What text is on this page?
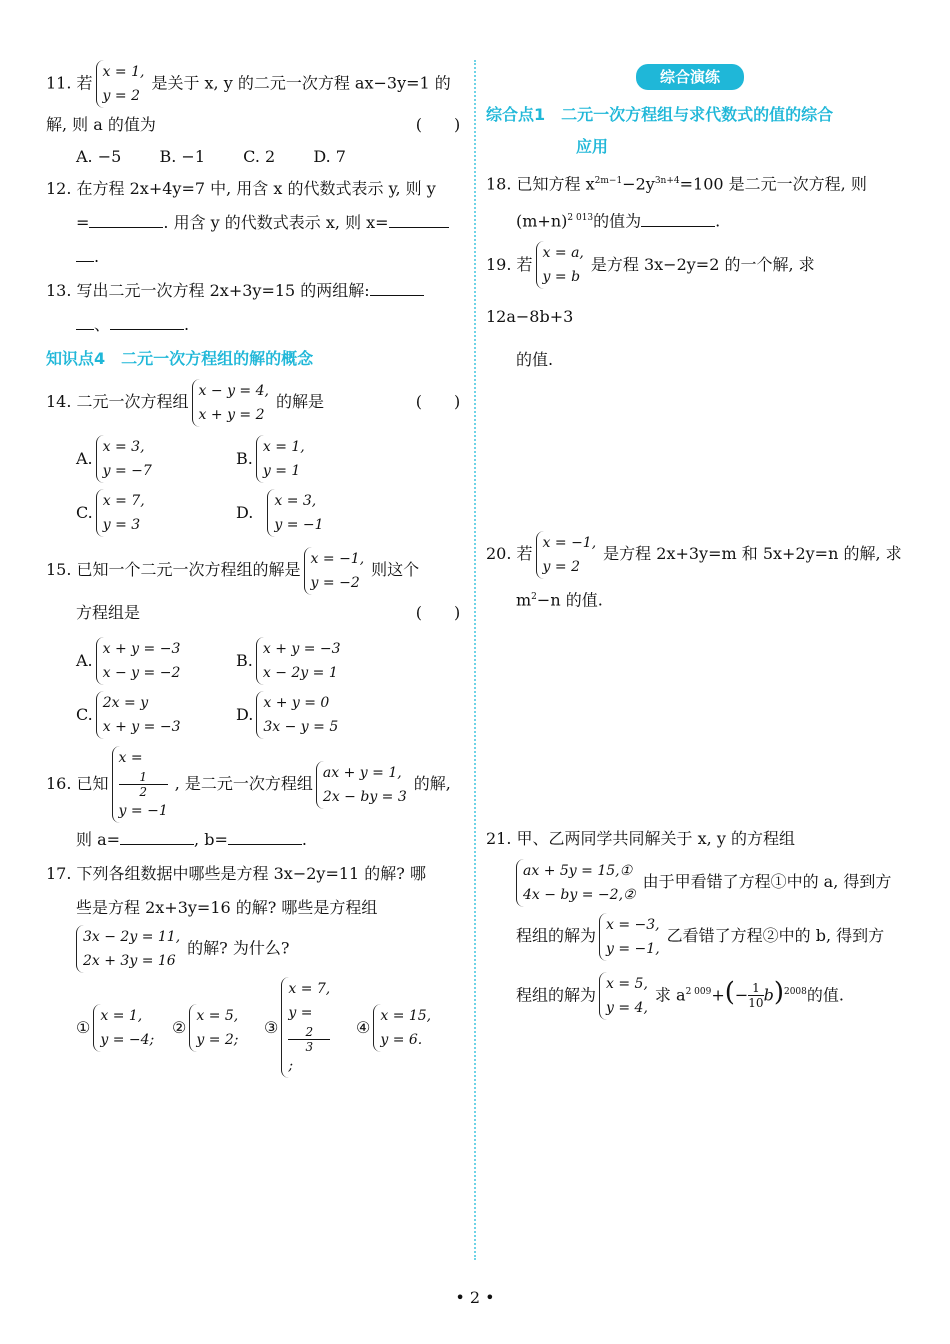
11. 若
x = 1,
y = 2
是关于 x, y 的二元一次方程 ax−3y=1 的

解, 则 a 的值为	(　　)

A. −5 B. −1 C. 2 D. 7

12. 在方程 2x+4y=7 中, 用含 x 的代数式表示 y, 则 y

=	. 用含 y 的代数式表示 x, 则 x=

.

13. 写出二元一次方程 2x+3y=15 的两组解:

、	.

知识点4　二元一次方程组的解的概念

14. 二元一次方程组
x − y = 4,
x + y = 2
的解是	(　　)

A.
x = 3,
y = −7
B.
x = 1,
y = 1
C.
x = 7,
y = 3
D.
x = 3,
y = −1

15. 已知一个二元一次方程组的解是
x = −1,
y = −2
则这个

方程组是	(　　)

A.
x + y = −3
x − y = −2
B.
x + y = −3
x − 2y = 1
C.
2x = y
x + y = −3
D.
x + y = 0
3x − y = 5

16. 已知
x =
1
2
y = −1
, 是二元一次方程组
ax + y = 1,
2x − by = 3
的解,

则 a=	, b=	.

17. 下列各组数据中哪些是方程 3x−2y=11 的解? 哪

些是方程 2x+3y=16 的解? 哪些是方程组

3x − 2y = 11,
2x + 3y = 16
的解? 为什么?

①
x = 1,
y = −4;
②
x = 5,
y = 2;
③
x = 7,
y =
2
3
;
④
x = 15,
y = 6.
综合演练
综合点1　二元一次方程组与求代数式的值的综合
应用

18. 已知方程 $x^{2m-1}-2y^{3n+4}=100$ 是二元一次方程, 则

$(m+n)^{2 013}$的值为	.

19. 若
x = a,
y = b
是方程 3x−2y=2 的一个解, 求 12a−8b+3

的值.

20. 若
x = −1,
y = 2
是方程 2x+3y=m 和 5x+2y=n 的解, 求

$m^2-n$ 的值.

21. 甲、乙两同学共同解关于 x, y 的方程组

ax + 5y = 15,①
4x − by = −2,②
由于甲看错了方程①中的 a, 得到方

程组的解为
x = −3,
y = −1,
乙看错了方程②中的 b, 得到方

程组的解为
x = 5,
y = 4,
求 $a^{2 009}+(- \frac{1}{10} b)^{2008}$的值.

• 2 •
